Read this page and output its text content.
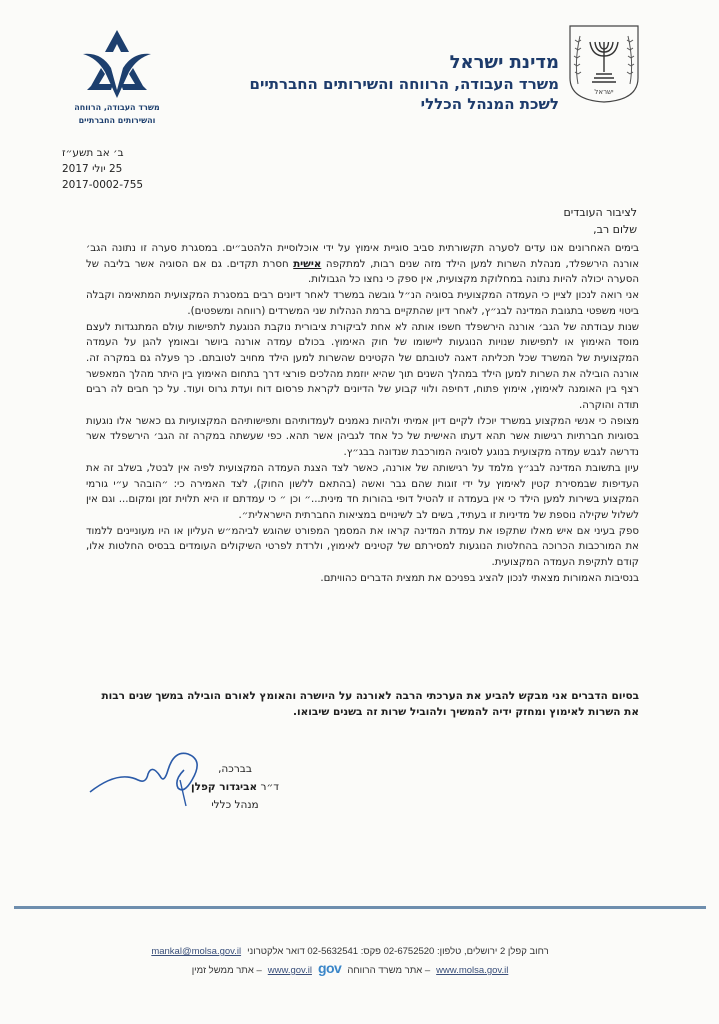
משרד העבודה, הרווחה
והשירותים החברתיים
ב׳ אב תשע״ז
25 יולי 2017
2017-0002-755
מדינת ישראל
משרד העבודה, הרווחה והשירותים החברתיים
לשכת המנהל הכללי
ישראל
לציבור העובדים
שלום רב,

בימים האחרונים אנו עדים לסערה תקשורתית סביב סוגיית אימוץ על ידי אוכלוסיית הלהטב״ים. במסגרת סערה זו נתונה הגב׳ אורנה הירשפלד, מנהלת השרות למען הילד מזה שנים רבות, למתקפה אישית חסרת תקדים. גם אם הסוגיה אשר בליבה של הסערה יכולה להיות נתונה במחלוקת מקצועית, אין ספק כי נחצו כל הגבולות.

אני רואה לנכון לציין כי העמדה המקצועית בסוגיה הנ״ל גובשה במשרד לאחר דיונים רבים במסגרת המקצועית המתאימה וקבלה ביטוי משפטי בתגובת המדינה לבג״ץ, לאחר דיון שהתקיים ברמת הנהלות שני המשרדים (רווחה ומשפטים).

שנות עבודתה של הגב׳ אורנה הירשפלד חשפו אותה לא אחת לביקורת ציבורית נוקבת הנוגעת לתפישות עולם המתנגדות לעצם מוסד האימוץ או לתפישות שנויות הנוגעות ליישומו של חוק האימוץ. בכולם עמדה אורנה ביושר ובאומץ להגן על העמדה המקצועית של המשרד שכל תכליתה דאגה לטובתם של הקטינים שהשרות למען הילד מחויב לטובתם. כך פעלה גם במקרה זה. אורנה הובילה את השרות למען הילד במהלך השנים תוך שהיא יוזמת מהלכים פורצי דרך בתחום האימוץ בין היתר מהלך המאפשר רצף בין האומנה לאימוץ, אימוץ פתוח, דחיפה ולווי קבוע של הדיונים לקראת פרסום דוח ועדת גרוס ועוד. על כך חבים לה רבים תודה והוקרה.

מצופה כי אנשי המקצוע במשרד יוכלו לקיים דיון אמיתי ולהיות נאמנים לעמדותיהם ותפישותיהם המקצועיות גם כאשר אלו נוגעות בסוגיות חברתיות רגישות אשר תהא דעתו האישית של כל אחד לגביהן אשר תהא. כפי שעשתה במקרה זה הגב׳ הירשפלד אשר נדרשה לגבש עמדה מקצועית בנוגע לסוגיה המורכבת שנדונה בבג״ץ.

עיון בתשובת המדינה לבג״ץ מלמד על רגישותה של אורנה, כאשר לצד הצגת העמדה המקצועית לפיה אין לבטל, בשלב זה את העדיפות שבמסירת קטין לאימוץ על ידי זוגות שהם גבר ואשה (בהתאם ללשון החוק), לצד האמירה כי: ״הובהר ע״י גורמי המקצוע בשירות למען הילד כי אין בעמדה זו להטיל דופי בהורות חד מינית...״ וכן ״ כי עמדתם זו היא תלוית זמן ומקום... וגם אין לשלול שקילה נוספת של מדיניות זו בעתיד, בשים לב לשינויים במציאות החברתית הישראלית״.

ספק בעיני אם איש מאלו שתקפו את עמדת המדינה קראו את המסמך המפורט שהוגש לביהמ״ש העליון או היו מעוניינים ללמוד את המורכבות הכרוכה בהחלטות הנוגעות למסירתם של קטינים לאימוץ, ולרדת לפרטי השיקולים העומדים בבסיס החלטות אלו, קודם לתקיפת העמדה המקצועית.

בנסיבות האמורות מצאתי לנכון להציג בפניכם את תמצית הדברים כהוויתם.

בסיום הדברים אני מבקש להביע את הערכתי הרבה לאורנה על היושרה והאומץ לאורם הובילה במשך שנים רבות את השרות לאימוץ ומחזק ידיה להמשיך ולהוביל שרות זה בשנים שיבואו.
בברכה,
ד״ר אביגדור קפלן
מנהל כללי
רחוב קפלן 2 ירושלים, טלפון: 02-6752520 פקס: 02-5632541 דואר אלקטרוני
mankal@molsa.gov.il
www.molsa.gov.il
– אתר משרד הרווחה
gov
www.gov.il
– אתר ממשל זמין
